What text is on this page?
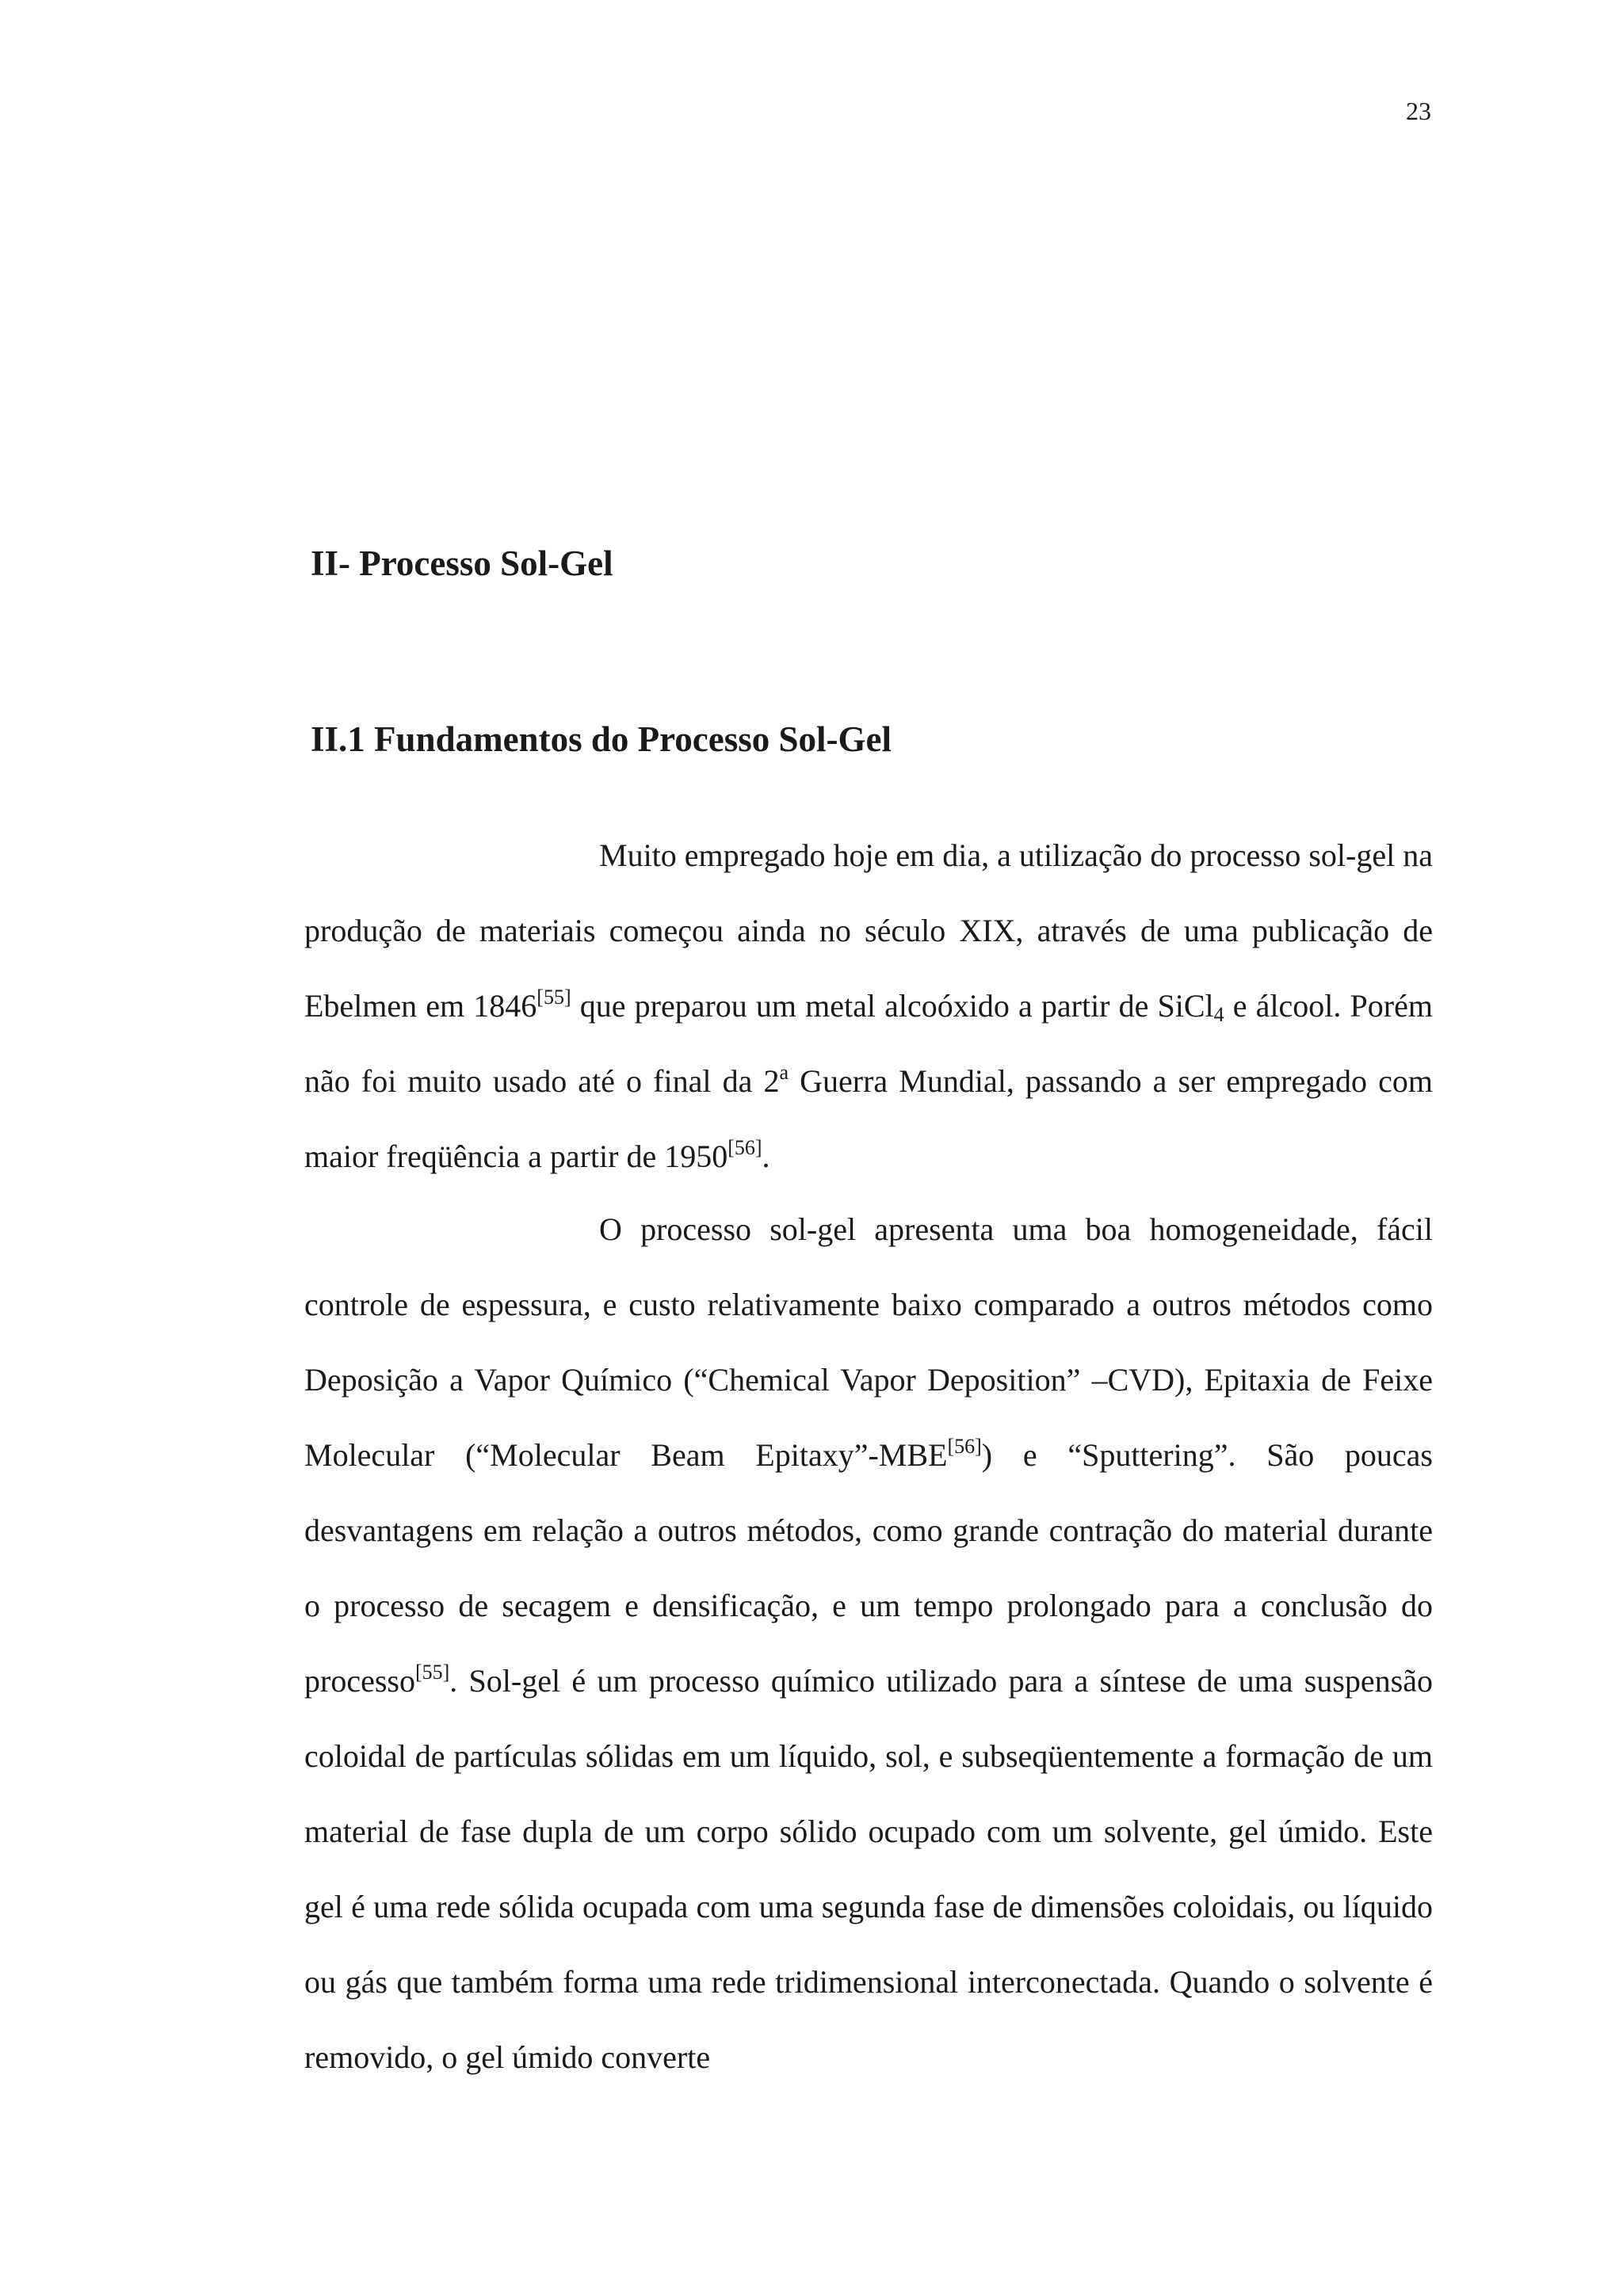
23
II- Processo Sol-Gel
II.1 Fundamentos do Processo Sol-Gel

Muito empregado hoje em dia, a utilização do processo sol-gel na produção de materiais começou ainda no século XIX, através de uma publicação de Ebelmen em 1846[55] que preparou um metal alcoóxido a partir de SiCl$_4$ e álcool. Porém não foi muito usado até o final da 2$^a$ Guerra Mundial, passando a ser empregado com maior freqüência a partir de 1950[56].

O processo sol-gel apresenta uma boa homogeneidade, fácil controle de espessura, e custo relativamente baixo comparado a outros métodos como Deposição a Vapor Químico (“Chemical Vapor Deposition” –CVD), Epitaxia de Feixe Molecular (“Molecular Beam Epitaxy”-MBE[56]) e “Sputtering”. São poucas desvantagens em relação a outros métodos, como grande contração do material durante o processo de secagem e densificação, e um tempo prolongado para a conclusão do processo[55]. Sol-gel é um processo químico utilizado para a síntese de uma suspensão coloidal de partículas sólidas em um líquido, sol, e subseqüentemente a formação de um material de fase dupla de um corpo sólido ocupado com um solvente, gel úmido. Este gel é uma rede sólida ocupada com uma segunda fase de dimensões coloidais, ou líquido ou gás que também forma uma rede tridimensional interconectada. Quando o solvente é removido, o gel úmido converte
